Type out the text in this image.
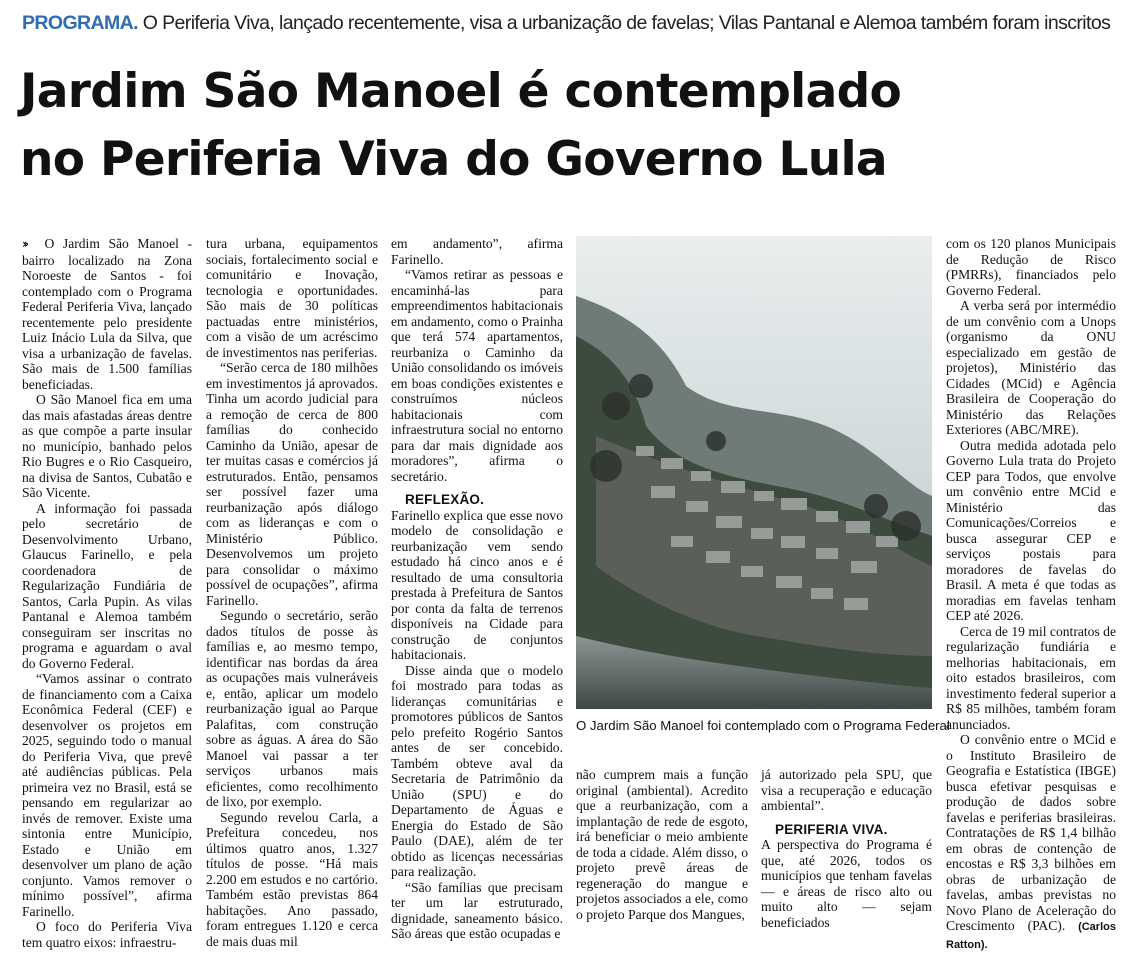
PROGRAMA. O Periferia Viva, lançado recentemente, visa a urbanização de favelas; Vilas Pantanal e Alemoa também foram inscritos
Jardim São Manoel é contemplado
no Periferia Viva do Governo Lula

›› O Jardim São Manoel - bairro localizado na Zona Noroeste de Santos - foi contemplado com o Programa Federal Periferia Viva, lançado recentemente pelo presidente Luiz Inácio Lula da Silva, que visa a urbanização de favelas. São mais de 1.500 famílias beneficiadas.

O São Manoel fica em uma das mais afastadas áreas dentre as que compõe a parte insular no município, banhado pelos Rio Bugres e o Rio Casqueiro, na divisa de Santos, Cubatão e São Vicente.

A informação foi passada pelo secretário de Desenvolvimento Urbano, Glaucus Farinello, e pela coordenadora de Regularização Fundiária de Santos, Carla Pupin. As vilas Pantanal e Alemoa também conseguiram ser inscritas no programa e aguardam o aval do Governo Federal.

“Vamos assinar o contrato de financiamento com a Caixa Econômica Federal (CEF) e desenvolver os projetos em 2025, seguindo todo o manual do Periferia Viva, que prevê até audiências públicas. Pela primeira vez no Brasil, está se pensando em regularizar ao invés de remover. Existe uma sintonia entre Município, Estado e União em desenvolver um plano de ação conjunto. Vamos remover o mínimo possível”, afirma Farinello.

O foco do Periferia Viva tem quatro eixos: infraestru-

tura urbana, equipamentos sociais, fortalecimento social e comunitário e Inovação, tecnologia e oportunidades. São mais de 30 políticas pactuadas entre ministérios, com a visão de um acréscimo de investimentos nas periferias.

“Serão cerca de 180 milhões em investimentos já aprovados. Tinha um acordo judicial para a remoção de cerca de 800 famílias do conhecido Caminho da União, apesar de ter muitas casas e comércios já estruturados. Então, pensamos ser possível fazer uma reurbanização após diálogo com as lideranças e com o Ministério Público. Desenvolvemos um projeto para consolidar o máximo possível de ocupações”, afirma Farinello.

Segundo o secretário, serão dados títulos de posse às famílias e, ao mesmo tempo, identificar nas bordas da área as ocupações mais vulneráveis e, então, aplicar um modelo reurbanização igual ao Parque Palafitas, com construção sobre as águas. A área do São Manoel vai passar a ter serviços urbanos mais eficientes, como recolhimento de lixo, por exemplo.

Segundo revelou Carla, a Prefeitura concedeu, nos últimos quatro anos, 1.327 títulos de posse. “Há mais 2.200 em estudos e no cartório. Também estão previstas 864 habitações. Ano passado, foram entregues 1.120 e cerca de mais duas mil

em andamento”, afirma Farinello.

“Vamos retirar as pessoas e encaminhá-las para empreendimentos habitacionais em andamento, como o Prainha que terá 574 apartamentos, reurbaniza o Caminho da União consolidando os imóveis em boas condições existentes e construímos núcleos habitacionais com infraestrutura social no entorno para dar mais dignidade aos moradores”, afirma o secretário.

REFLEXÃO.

Farinello explica que esse novo modelo de consolidação e reurbanização vem sendo estudado há cinco anos e é resultado de uma consultoria prestada à Prefeitura de Santos por conta da falta de terrenos disponíveis na Cidade para construção de conjuntos habitacionais.

Disse ainda que o modelo foi mostrado para todas as lideranças comunitárias e promotores públicos de Santos pelo prefeito Rogério Santos antes de ser concebido. Também obteve aval da Secretaria de Patrimônio da União (SPU) e do Departamento de Águas e Energia do Estado de São Paulo (DAE), além de ter obtido as licenças necessárias para realização.

“São famílias que precisam ter um lar estruturado, dignidade, saneamento básico. São áreas que estão ocupadas e

REPRODUÇÃO/FACEBOOK - ANTÔNIO CARLOS BANHA
O Jardim São Manoel foi contemplado com o Programa Federal

não cumprem mais a função original (ambiental). Acredito que a reurbanização, com a implantação de rede de esgoto, irá beneficiar o meio ambiente de toda a cidade. Além disso, o projeto prevê áreas de regeneração do mangue e projetos associados a ele, como o projeto Parque dos Mangues,

já autorizado pela SPU, que visa a recuperação e educação ambiental”.

PERIFERIA VIVA.

A perspectiva do Programa é que, até 2026, todos os municípios que tenham favelas — e áreas de risco alto ou muito alto — sejam beneficiados

com os 120 planos Municipais de Redução de Risco (PMRRs), financiados pelo Governo Federal.

A verba será por intermédio de um convênio com a Unops (organismo da ONU especializado em gestão de projetos), Ministério das Cidades (MCid) e Agência Brasileira de Cooperação do Ministério das Relações Exteriores (ABC/MRE).

Outra medida adotada pelo Governo Lula trata do Projeto CEP para Todos, que envolve um convênio entre MCid e Ministério das Comunicações/Correios e busca assegurar CEP e serviços postais para moradores de favelas do Brasil. A meta é que todas as moradias em favelas tenham CEP até 2026.

Cerca de 19 mil contratos de regularização fundiária e melhorias habitacionais, em oito estados brasileiros, com investimento federal superior a R$ 85 milhões, também foram anunciados.

O convênio entre o MCid e o Instituto Brasileiro de Geografia e Estatística (IBGE) busca efetivar pesquisas e produção de dados sobre favelas e periferias brasileiras. Contratações de R$ 1,4 bilhão em obras de contenção de encostas e R$ 3,3 bilhões em obras de urbanização de favelas, ambas previstas no Novo Plano de Aceleração do Crescimento (PAC). (Carlos Ratton).
